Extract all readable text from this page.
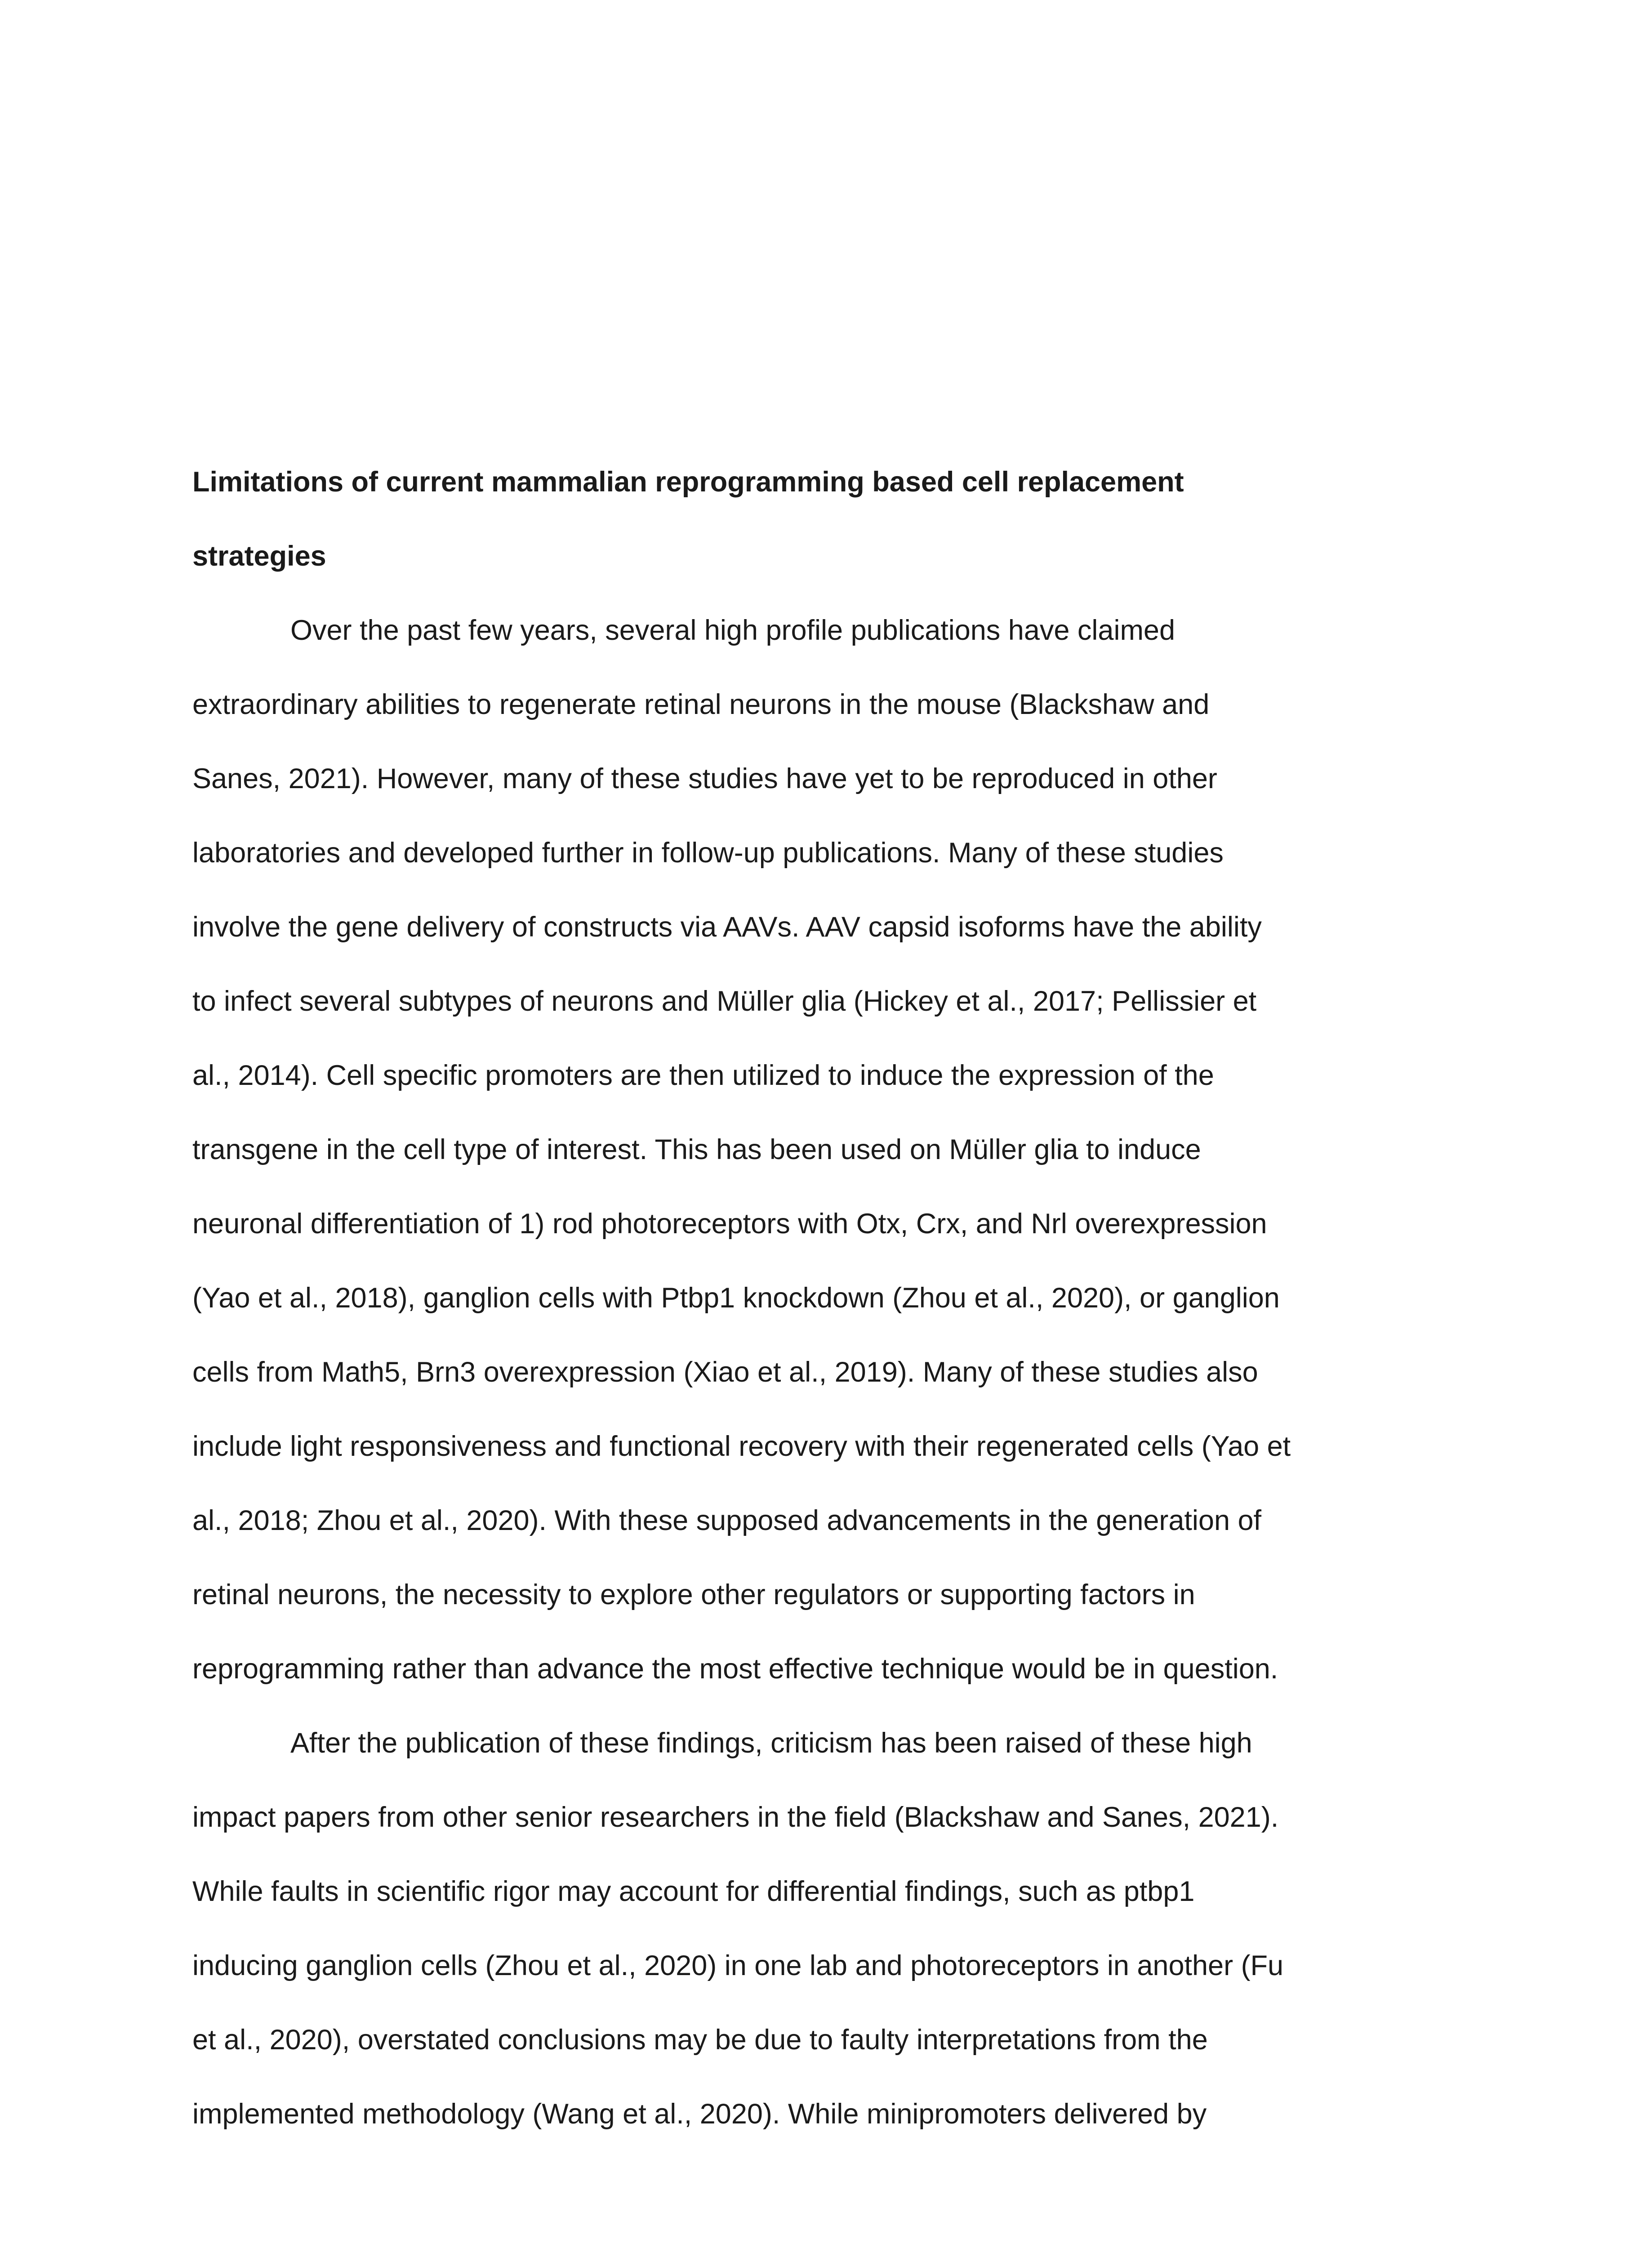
Limitations of current mammalian reprogramming based cell replacement
strategies

Over the past few years, several high profile publications have claimed
extraordinary abilities to regenerate retinal neurons in the mouse (Blackshaw and
Sanes, 2021). However, many of these studies have yet to be reproduced in other
laboratories and developed further in follow-up publications. Many of these studies
involve the gene delivery of constructs via AAVs. AAV capsid isoforms have the ability
to infect several subtypes of neurons and Müller glia (Hickey et al., 2017; Pellissier et
al., 2014). Cell specific promoters are then utilized to induce the expression of the
transgene in the cell type of interest. This has been used on Müller glia to induce
neuronal differentiation of 1) rod photoreceptors with Otx, Crx, and Nrl overexpression
(Yao et al., 2018), ganglion cells with Ptbp1 knockdown (Zhou et al., 2020), or ganglion
cells from Math5, Brn3 overexpression (Xiao et al., 2019). Many of these studies also
include light responsiveness and functional recovery with their regenerated cells (Yao et
al., 2018; Zhou et al., 2020). With these supposed advancements in the generation of
retinal neurons, the necessity to explore other regulators or supporting factors in
reprogramming rather than advance the most effective technique would be in question.

After the publication of these findings, criticism has been raised of these high
impact papers from other senior researchers in the field (Blackshaw and Sanes, 2021).
While faults in scientific rigor may account for differential findings, such as ptbp1
inducing ganglion cells (Zhou et al., 2020) in one lab and photoreceptors in another (Fu
et al., 2020), overstated conclusions may be due to faulty interpretations from the
implemented methodology (Wang et al., 2020). While minipromoters delivered by
